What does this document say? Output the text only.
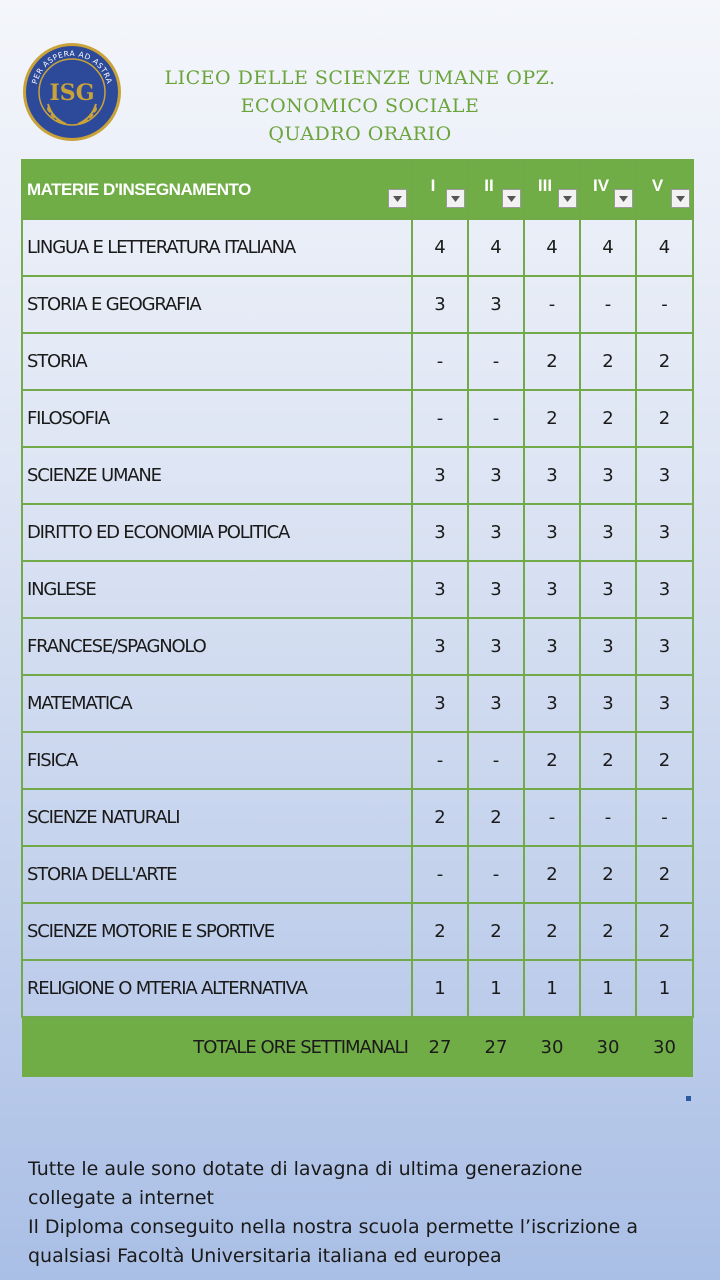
PER ASPERA AD ASTRA
ISG
LICEO DELLE SCIENZE UMANE OPZ.
ECONOMICO SOCIALE
QUADRO ORARIO
MATERIE D'INSEGNAMENTO	I	II	III	IV	V

LINGUA E LETTERATURA ITALIANA	4	4	4	4	4
STORIA E GEOGRAFIA	3	3	-	-	-
STORIA	-	-	2	2	2
FILOSOFIA	-	-	2	2	2
SCIENZE UMANE	3	3	3	3	3
DIRITTO ED ECONOMIA POLITICA	3	3	3	3	3
INGLESE	3	3	3	3	3
FRANCESE/SPAGNOLO	3	3	3	3	3
MATEMATICA	3	3	3	3	3
FISICA	-	-	2	2	2
SCIENZE NATURALI	2	2	-	-	-
STORIA DELL'ARTE	-	-	2	2	2
SCIENZE MOTORIE E SPORTIVE	2	2	2	2	2
RELIGIONE O MTERIA ALTERNATIVA	1	1	1	1	1
TOTALE ORE SETTIMANALI	27	27	30	30	30

Tutte le aule sono dotate di lavagna di ultima generazione

collegate a internet

Il Diploma conseguito nella nostra scuola permette l’iscrizione a

qualsiasi Facoltà Universitaria italiana ed europea
